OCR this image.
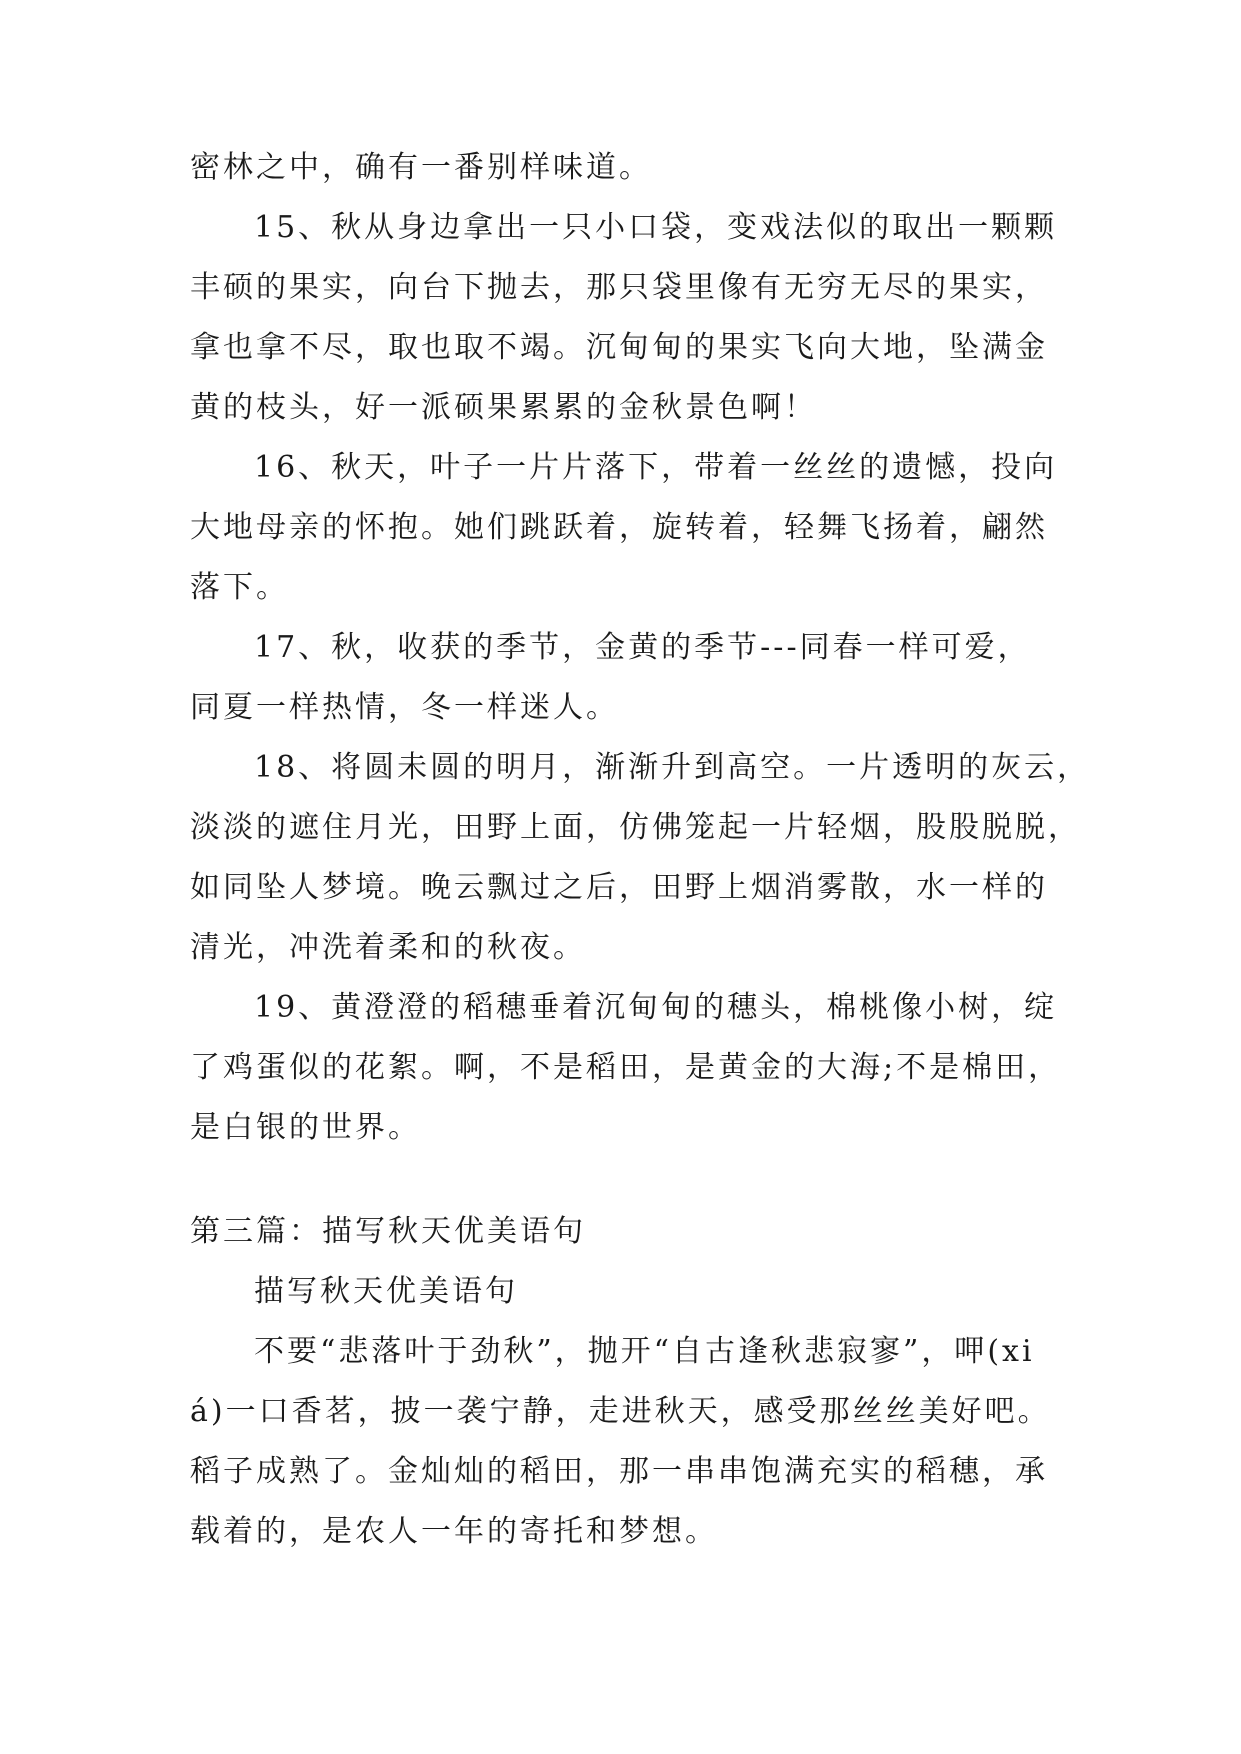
密林之中，确有一番别样味道。
15、秋从身边拿出一只小口袋，变戏法似的取出一颗颗
丰硕的果实，向台下抛去，那只袋里像有无穷无尽的果实，
拿也拿不尽，取也取不竭。沉甸甸的果实飞向大地，坠满金
黄的枝头，好一派硕果累累的金秋景色啊！
16、秋天，叶子一片片落下，带着一丝丝的遗憾，投向
大地母亲的怀抱。她们跳跃着，旋转着，轻舞飞扬着，翩然
落下。
17、秋，收获的季节，金黄的季节---同春一样可爱，
同夏一样热情，冬一样迷人。
18、将圆未圆的明月，渐渐升到高空。一片透明的灰云，
淡淡的遮住月光，田野上面，仿佛笼起一片轻烟，股股脱脱，
如同坠人梦境。晚云飘过之后，田野上烟消雾散，水一样的
清光，冲洗着柔和的秋夜。
19、黄澄澄的稻穗垂着沉甸甸的穗头，棉桃像小树，绽
了鸡蛋似的花絮。啊，不是稻田，是黄金的大海;不是棉田，
是白银的世界。
第三篇：描写秋天优美语句
描写秋天优美语句
不要“悲落叶于劲秋”，抛开“自古逢秋悲寂寥”，呷(xi
á)一口香茗，披一袭宁静，走进秋天，感受那丝丝美好吧。
稻子成熟了。金灿灿的稻田，那一串串饱满充实的稻穗，承
载着的，是农人一年的寄托和梦想。
